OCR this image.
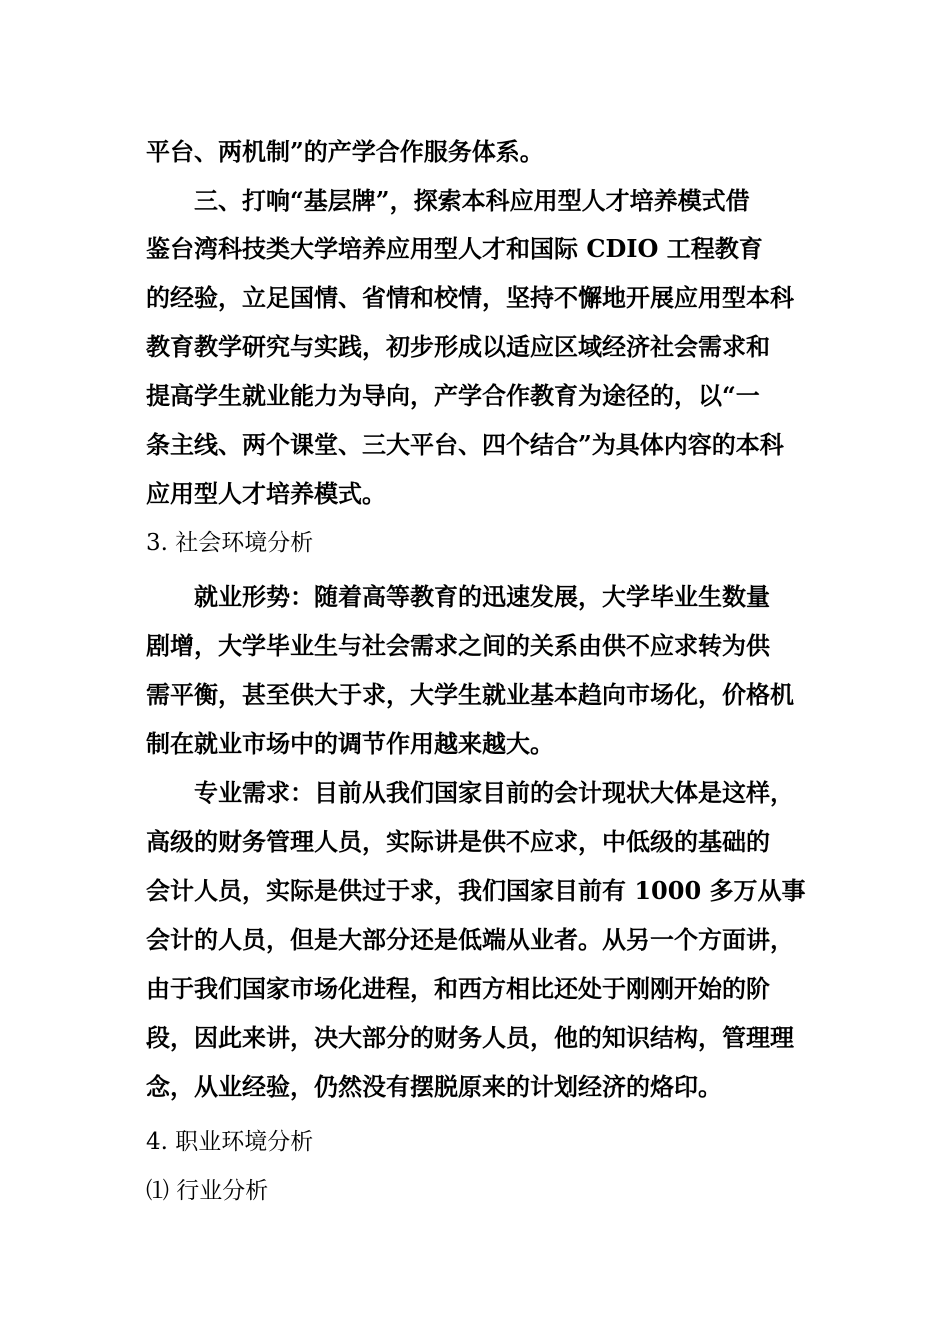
平台、两机制”的产学合作服务体系。

三、打响“基层牌”，探索本科应用型人才培养模式借

鉴台湾科技类大学培养应用型人才和国际 CDIO 工程教育

的经验，立足国情、省情和校情，坚持不懈地开展应用型本科

教育教学研究与实践，初步形成以适应区域经济社会需求和

提高学生就业能力为导向，产学合作教育为途径的，以“一

条主线、两个课堂、三大平台、四个结合”为具体内容的本科

应用型人才培养模式。

3. 社会环境分析

就业形势：随着高等教育的迅速发展，大学毕业生数量

剧增，大学毕业生与社会需求之间的关系由供不应求转为供

需平衡，甚至供大于求，大学生就业基本趋向市场化，价格机

制在就业市场中的调节作用越来越大。

专业需求：目前从我们国家目前的会计现状大体是这样，

高级的财务管理人员，实际讲是供不应求，中低级的基础的

会计人员，实际是供过于求，我们国家目前有 1000 多万从事

会计的人员，但是大部分还是低端从业者。从另一个方面讲，

由于我们国家市场化进程，和西方相比还处于刚刚开始的阶

段，因此来讲，决大部分的财务人员，他的知识结构，管理理

念，从业经验，仍然没有摆脱原来的计划经济的烙印。

4. 职业环境分析

⑴ 行业分析
